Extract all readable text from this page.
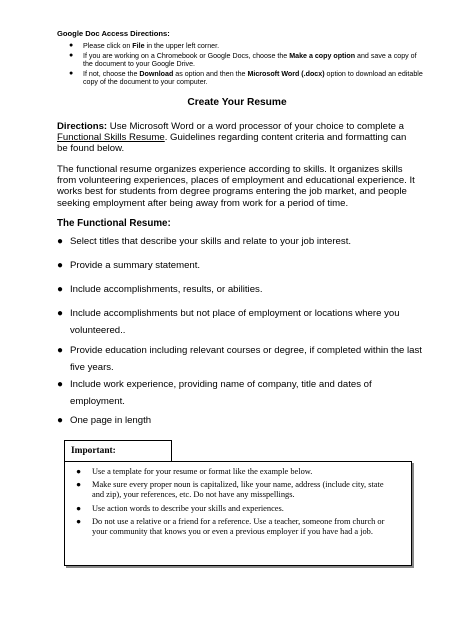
Google Doc Access Directions:
● Please click on File in the upper left corner.
● If you are working on a Chromebook or Google Docs, choose the Make a copy option and save a copy of the document to your Google Drive.
● If not, choose the Download as option and then the Microsoft Word (.docx) option to download an editable copy of the document to your computer.
Create Your Resume
Directions: Use Microsoft Word or a word processor of your choice to complete a Functional Skills Resume. Guidelines regarding content criteria and formatting can be found below.
The functional resume organizes experience according to skills. It organizes skills from volunteering experiences, places of employment and educational experience. It works best for students from degree programs entering the job market, and people seeking employment after being away from work for a period of time.
The Functional Resume:
● Select titles that describe your skills and relate to your job interest.
● Provide a summary statement.
● Include accomplishments, results, or abilities.
● Include accomplishments but not place of employment or locations where you volunteered..
● Provide education including relevant courses or degree, if completed within the last five years.
● Include work experience, providing name of company, title and dates of employment.
● One page in length
Important:
● Use a template for your resume or format like the example below.
● Make sure every proper noun is capitalized, like your name, address (include city, state and zip), your references, etc. Do not have any misspellings.
● Use action words to describe your skills and experiences.
● Do not use a relative or a friend for a reference. Use a teacher, someone from church or your community that knows you or even a previous employer if you have had a job.
